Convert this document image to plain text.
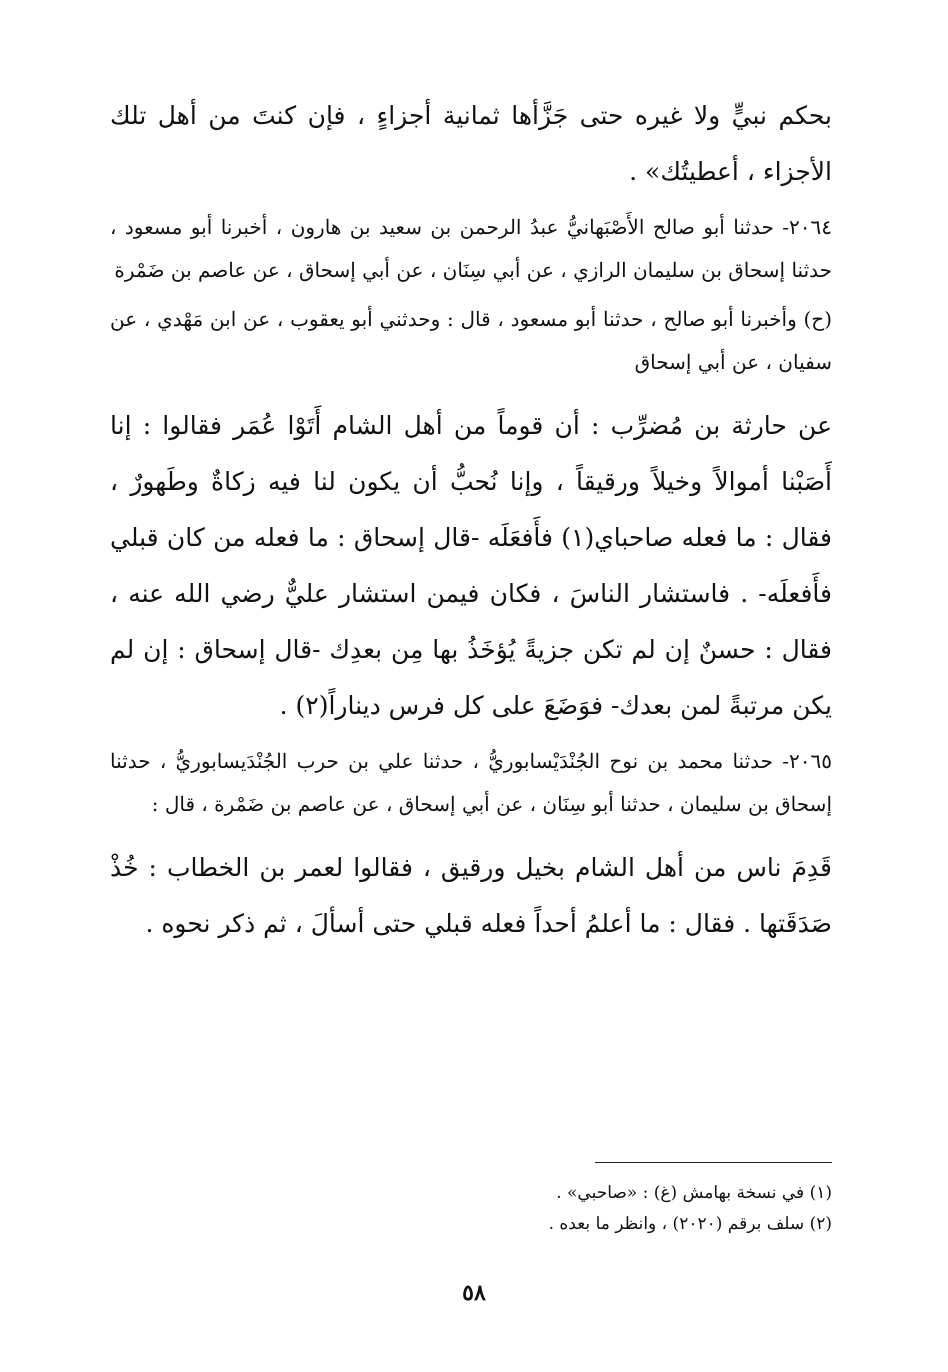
بحكم نبيٍّ ولا غيره حتى جَزَّأها ثمانية أجزاءٍ ، فإن كنتَ من أهل تلك الأجزاء ، أعطيتُك» .

٢٠٦٤- حدثنا أبو صالح الأَصْبَهانيُّ عبدُ الرحمن بن سعيد بن هارون ، أخبرنا أبو مسعود ، حدثنا إسحاق بن سليمان الرازي ، عن أبي سِنَان ، عن أبي إسحاق ، عن عاصم بن ضَمْرة

(ح) وأخبرنا أبو صالح ، حدثنا أبو مسعود ، قال : وحدثني أبو يعقوب ، عن ابن مَهْدي ، عن سفيان ، عن أبي إسحاق

عن حارثة بن مُضرِّب : أن قوماً من أهل الشام أَتَوْا عُمَر فقالوا : إنا أَصَبْنا أموالاً وخيلاً ورقيقاً ، وإنا نُحبُّ أن يكون لنا فيه زكاةٌ وطَهورٌ ، فقال : ما فعله صاحباي(١) فأَفعَلَه -قال إسحاق : ما فعله من كان قبلي فأَفعلَه- . فاستشار الناسَ ، فكان فيمن استشار عليٌّ رضي الله عنه ، فقال : حسنٌ إن لم تكن جزيةً يُؤخَذُ بها مِن بعدِك -قال إسحاق : إن لم يكن مرتبةً لمن بعدك- فوَضَعَ على كل فرس ديناراً(٢) .

٢٠٦٥- حدثنا محمد بن نوح الجُنْدَيْسابوريُّ ، حدثنا علي بن حرب الجُنْدَيسابوريُّ ، حدثنا إسحاق بن سليمان ، حدثنا أبو سِنَان ، عن أبي إسحاق ، عن عاصم بن ضَمْرة ، قال :

قَدِمَ ناس من أهل الشام بخيل ورقيق ، فقالوا لعمر بن الخطاب : خُذْ صَدَقَتها . فقال : ما أعلمُ أحداً فعله قبلي حتى أسألَ ، ثم ذكر نحوه .

(١) في نسخة بهامش (غ) : «صاحبي» .

(٢) سلف برقم (٢٠٢٠) ، وانظر ما بعده .

٥٨
